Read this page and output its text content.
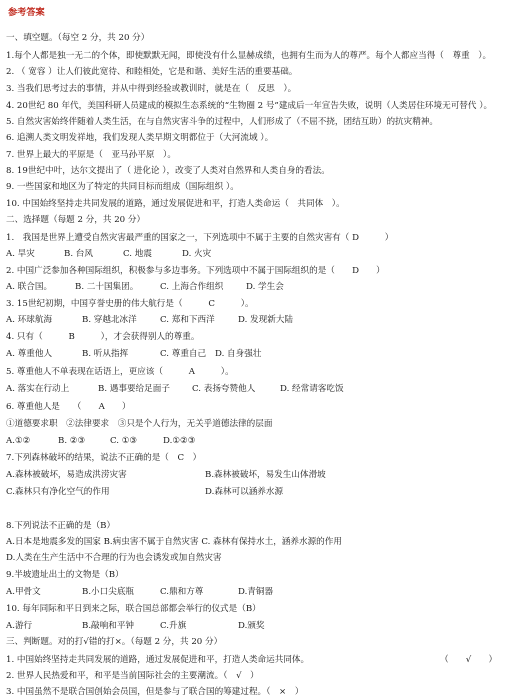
参考答案
一、填空题。（每空 2 分，共 20 分）
1.每个人都是独一无二的个体，即使默默无闻，即使没有什么显赫成绩，也拥有生而为人的尊严。每个人都应当得（　尊重　）。
2. （ 宽容 ）让人们彼此宽待、和睦相处，它是和谐、美好生活的重要基础。
3. 当我们思考过去的事情，并从中得到经验或教训时，就是在（　反思　）。
4. 20世纪 80 年代，美国科研人员建成的模拟生态系统的“生物圈 2 号”建成后一年宣告失败，说明（人类居住环境无可替代 ）。
5. 自然灾害始终伴随着人类生活，在与自然灾害斗争的过程中，人们形成了（不屈不挠，团结互助）的抗灾精神。
6. 追溯人类文明发祥地，我们发现人类早期文明都位于（大河流域 ）。
7. 世界上最大的平原是（　亚马孙平原　）。
8. 19世纪中叶，达尔文提出了（ 进化论 ），改变了人类对自然界和人类自身的看法。
9. 一些国家和地区为了特定的共同目标而组成（国际组织 ）。
10. 中国始终坚持走共同发展的道路，通过发展促进和平，打造人类命运（　共同体　）。
二、选择题（每题 2 分，共 20 分）
1.　我国是世界上遭受自然灾害最严重的国家之一，下列选项中不属于主要的自然灾害有（ D　　　）
A. 旱灾	B. 台风	C. 地震	D. 火灾
2. 中国广泛参加各种国际组织，积极参与多边事务。下列选项中不属于国际组织的是（　　D　　）
A. 联合国。	B. 二十国集团。	C. 上海合作组织	D. 学生会
3. 15世纪初期，中国亨誉史册的伟大航行是（　　　C　　　）。
A. 环球航海	B. 穿越北冰洋	C. 郑和下西洋	D. 发现新大陆
4. 只有（　　　B　　　），才会获得别人的尊重。
A. 尊重他人	B. 听从指挥	C. 尊重自己 D. 自身强壮
5. 尊重他人不单表现在话语上，更应该（　　　A　　　）。
A. 落实在行动上	B. 遇事要给足面子	C. 表扬夸赞他人	D. 经常请客吃饭
6. 尊重他人是　　（　　A　　）
①道德要求职　②法律要求　③只是个人行为，无关乎道德法律的层面
A.①②	B. ②③	C. ①③	D.①②③
7.下列森林破坏的结果，说法不正确的是（　C　）
A.森林被破坏，易造成洪涝灾害	B.森林被破坏，易发生山体滑坡
C.森林只有净化空气的作用	D.森林可以涵养水源
8.下列说法不正确的是（B）
A.日本是地震多发的国家 B.病虫害不属于自然灾害 C. 森林有保持水土，涵养水源的作用
D.人类在生产生活中不合理的行为也会诱发或加自然灾害
9.半坡遗址出土的文物是（B）
A.甲骨文	B.小口尖底瓶	C.鼎和方尊	D.青铜器
10. 每年同际和平日到来之际，联合国总部都会举行的仪式是（B）
A.游行	B.敲响和平钟	C.升旗	D.颁奖
三、判断题。对的打√错的打×。（每题 2 分，共 20 分）
1. 中国始终坚持走共同发展的道路，通过发展促进和平，打造人类命运共同体。	（　　√　　）
2. 世界人民热爱和平，和平是当前国际社会的主要潮流。（　√　）
3. 中国虽然不是联合国创始会员国，但是参与了联合国的筹建过程。（　×　）
